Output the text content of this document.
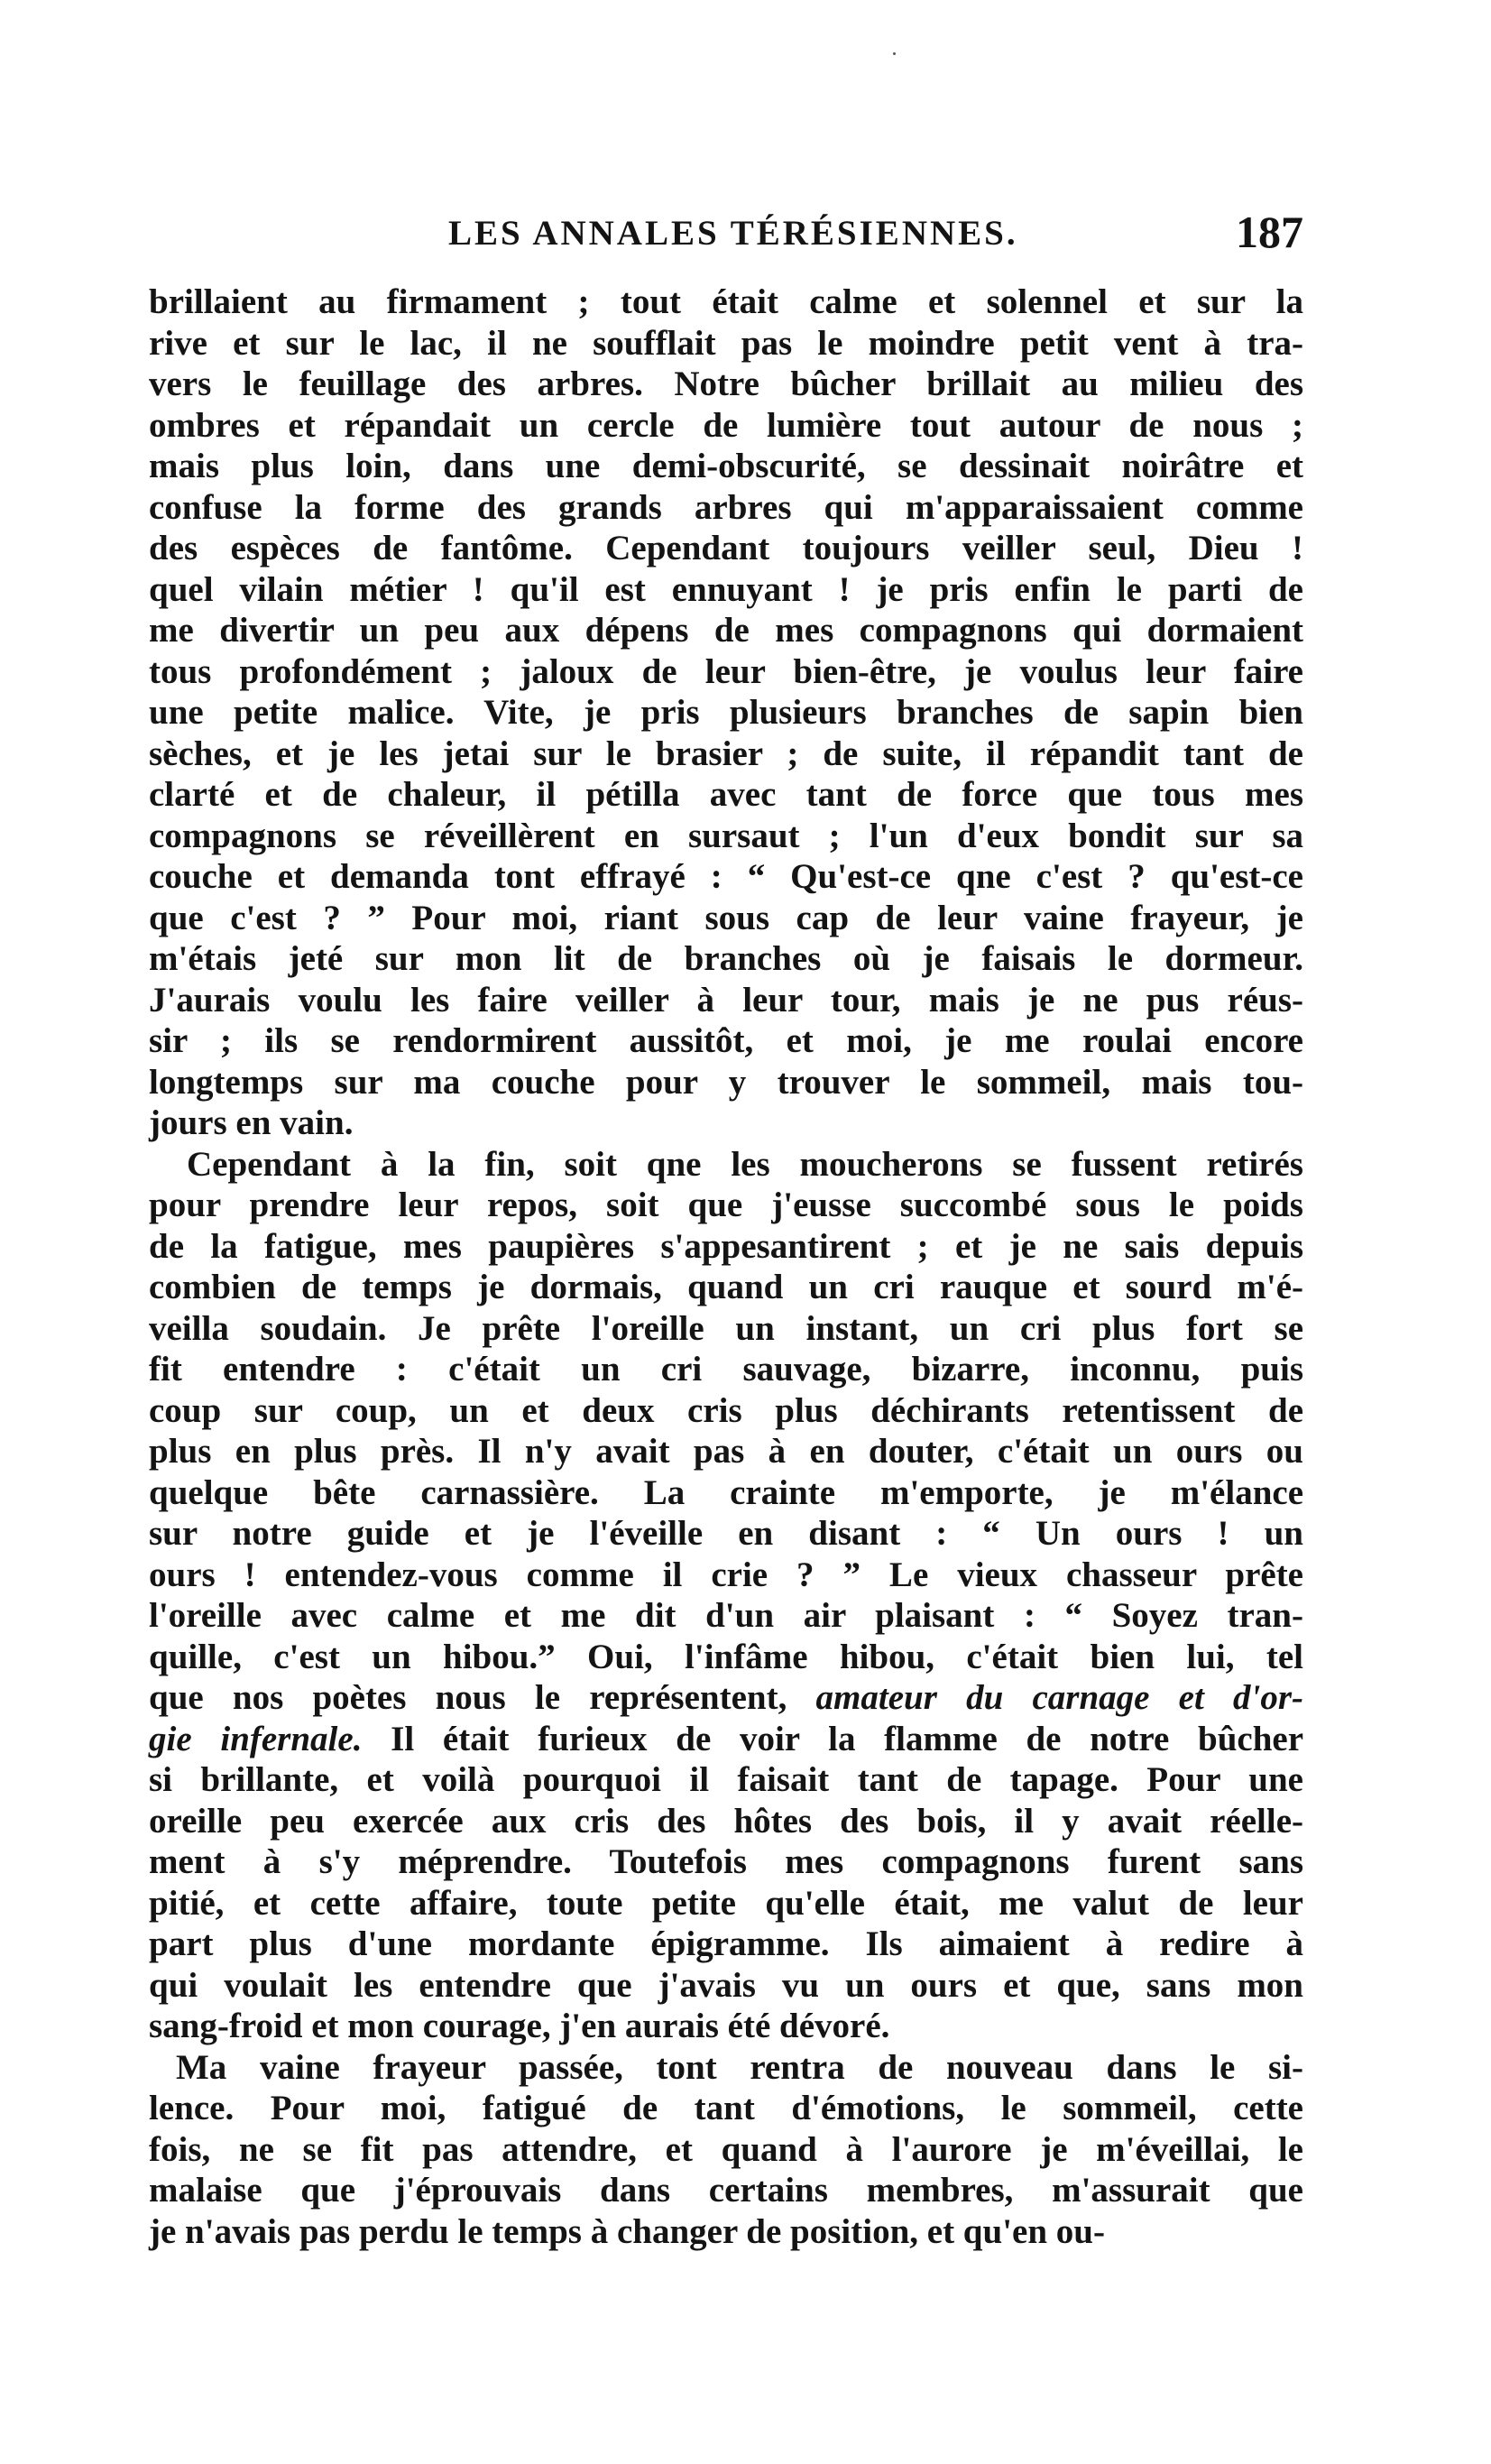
LES ANNALES TÉRÉSIENNES.	187
brillaient au firmament ; tout était calme et solennel et sur la
rive et sur le lac, il ne soufflait pas le moindre petit vent à tra-
vers le feuillage des arbres. Notre bûcher brillait au milieu des
ombres et répandait un cercle de lumière tout autour de nous ;
mais plus loin, dans une demi-obscurité, se dessinait noirâtre et
confuse la forme des grands arbres qui m'apparaissaient comme
des espèces de fantôme. Cependant toujours veiller seul, Dieu !
quel vilain métier ! qu'il est ennuyant ! je pris enfin le parti de
me divertir un peu aux dépens de mes compagnons qui dormaient
tous profondément ; jaloux de leur bien-être, je voulus leur faire
une petite malice. Vite, je pris plusieurs branches de sapin bien
sèches, et je les jetai sur le brasier ; de suite, il répandit tant de
clarté et de chaleur, il pétilla avec tant de force que tous mes
compagnons se réveillèrent en sursaut ; l'un d'eux bondit sur sa
couche et demanda tont effrayé : “ Qu'est-ce qne c'est ? qu'est-ce
que c'est ? ” Pour moi, riant sous cap de leur vaine frayeur, je
m'étais jeté sur mon lit de branches où je faisais le dormeur.
J'aurais voulu les faire veiller à leur tour, mais je ne pus réus-
sir ; ils se rendormirent aussitôt, et moi, je me roulai encore
longtemps sur ma couche pour y trouver le sommeil, mais tou-
jours en vain.
Cependant à la fin, soit qne les moucherons se fussent retirés
pour prendre leur repos, soit que j'eusse succombé sous le poids
de la fatigue, mes paupières s'appesantirent ; et je ne sais depuis
combien de temps je dormais, quand un cri rauque et sourd m'é-
veilla soudain. Je prête l'oreille un instant, un cri plus fort se
fit entendre : c'était un cri sauvage, bizarre, inconnu, puis
coup sur coup, un et deux cris plus déchirants retentissent de
plus en plus près. Il n'y avait pas à en douter, c'était un ours ou
quelque bête carnassière. La crainte m'emporte, je m'élance
sur notre guide et je l'éveille en disant : “ Un ours ! un
ours ! entendez-vous comme il crie ? ” Le vieux chasseur prête
l'oreille avec calme et me dit d'un air plaisant : “ Soyez tran-
quille, c'est un hibou.” Oui, l'infâme hibou, c'était bien lui, tel
que nos poètes nous le représentent, amateur du carnage et d'or-
gie infernale. Il était furieux de voir la flamme de notre bûcher
si brillante, et voilà pourquoi il faisait tant de tapage. Pour une
oreille peu exercée aux cris des hôtes des bois, il y avait réelle-
ment à s'y méprendre. Toutefois mes compagnons furent sans
pitié, et cette affaire, toute petite qu'elle était, me valut de leur
part plus d'une mordante épigramme. Ils aimaient à redire à
qui voulait les entendre que j'avais vu un ours et que, sans mon
sang-froid et mon courage, j'en aurais été dévoré.
Ma vaine frayeur passée, tont rentra de nouveau dans le si-
lence. Pour moi, fatigué de tant d'émotions, le sommeil, cette
fois, ne se fit pas attendre, et quand à l'aurore je m'éveillai, le
malaise que j'éprouvais dans certains membres, m'assurait que
je n'avais pas perdu le temps à changer de position, et qu'en ou-
